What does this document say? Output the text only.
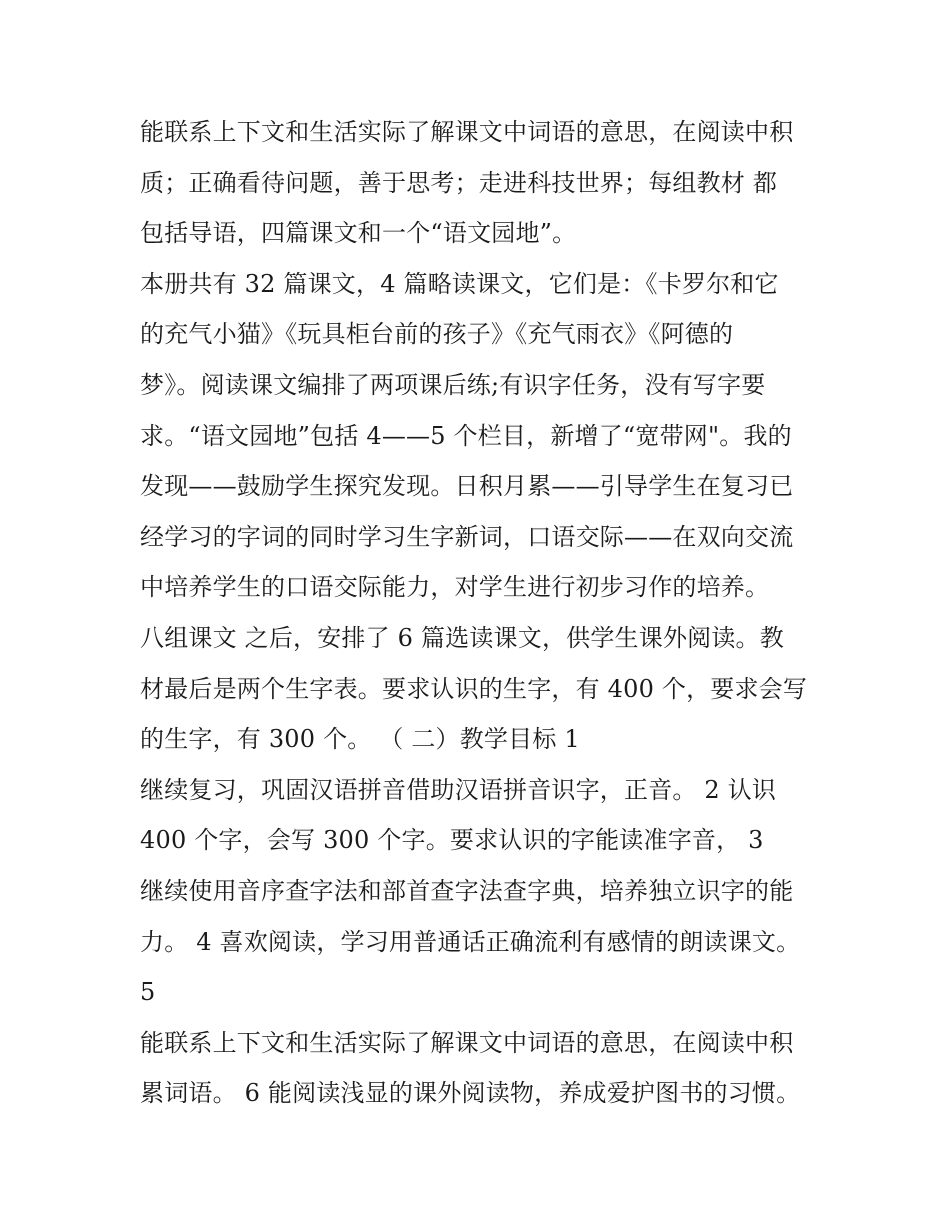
能联系上下文和生活实际了解课文中词语的意思，在阅读中积
质；正确看待问题，善于思考；走进科技世界；每组教材 都
包括导语，四篇课文和一个“语文园地”。
本册共有 32 篇课文，4 篇略读课文，它们是：《卡罗尔和它
的充气小猫》《玩具柜台前的孩子》《充气雨衣》《阿德的
梦》。阅读课文编排了两项课后练;有识字任务，没有写字要
求。“语文园地”包括 4——5 个栏目，新增了“宽带网"。我的
发现——鼓励学生探究发现。日积月累——引导学生在复习已
经学习的字词的同时学习生字新词，口语交际——在双向交流
中培养学生的口语交际能力，对学生进行初步习作的培养。
八组课文 之后，安排了 6 篇选读课文，供学生课外阅读。教
材最后是两个生字表。要求认识的生字，有 400 个，要求会写
的生字，有 300 个。 （ 二）教学目标 1
继续复习，巩固汉语拼音借助汉语拼音识字，正音。 2 认识
400 个字，会写 300 个字。要求认识的字能读准字音， 3
继续使用音序查字法和部首查字法查字典，培养独立识字的能
力。 4 喜欢阅读，学习用普通话正确流利有感情的朗读课文。
5
能联系上下文和生活实际了解课文中词语的意思，在阅读中积
累词语。 6 能阅读浅显的课外阅读物，养成爱护图书的习惯。
